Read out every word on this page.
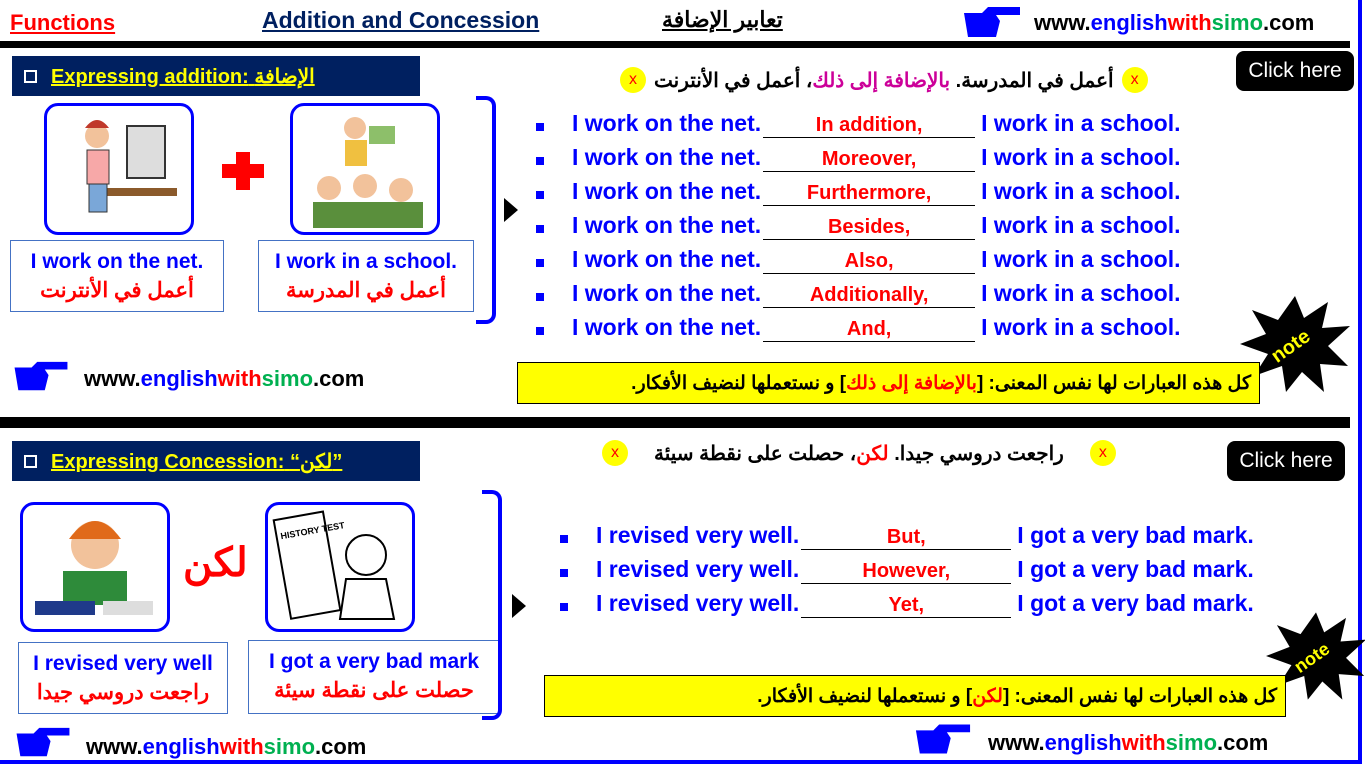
Functions	Addition and Concession	تعابير الإضافة	www.englishwithsimo.com
Expressing addition: الإضافة
I work on the net.
أعمل في الأنترنت
I work in a school.
أعمل في المدرسة
x
أعمل في المدرسة. بالإضافة إلى ذلك، أعمل في الأنترنت
x	Click here
I work on the net.	In addition,	I work in a school.
I work on the net.	Moreover,	I work in a school.
I work on the net.	Furthermore,	I work in a school.
I work on the net.	Besides,	I work in a school.
I work on the net.	Also,	I work in a school.
I work on the net.	Additionally,	I work in a school.
I work on the net.	And,	I work in a school.	note
كل هذه العبارات لها نفس المعنى: [
بالإضافة إلى ذلك
] و نستعملها لنضيف الأفكار.
www.englishwithsimo.com
Expressing Concession: “لكن”
لكن
HISTORY TEST
I revised very well
راجعت دروسي جيدا
I got a very bad mark
حصلت على نقطة سيئة
x
راجعت دروسي جيدا. لكن، حصلت على نقطة سيئة
x	Click here
I revised very well.	But,	I got a very bad mark.
I revised very well.	However,	I got a very bad mark.
I revised very well.	Yet,	I got a very bad mark.
note
كل هذه العبارات لها نفس المعنى: [
لكن
] و نستعملها لنضيف الأفكار.
www.englishwithsimo.com	www.englishwithsimo.com
